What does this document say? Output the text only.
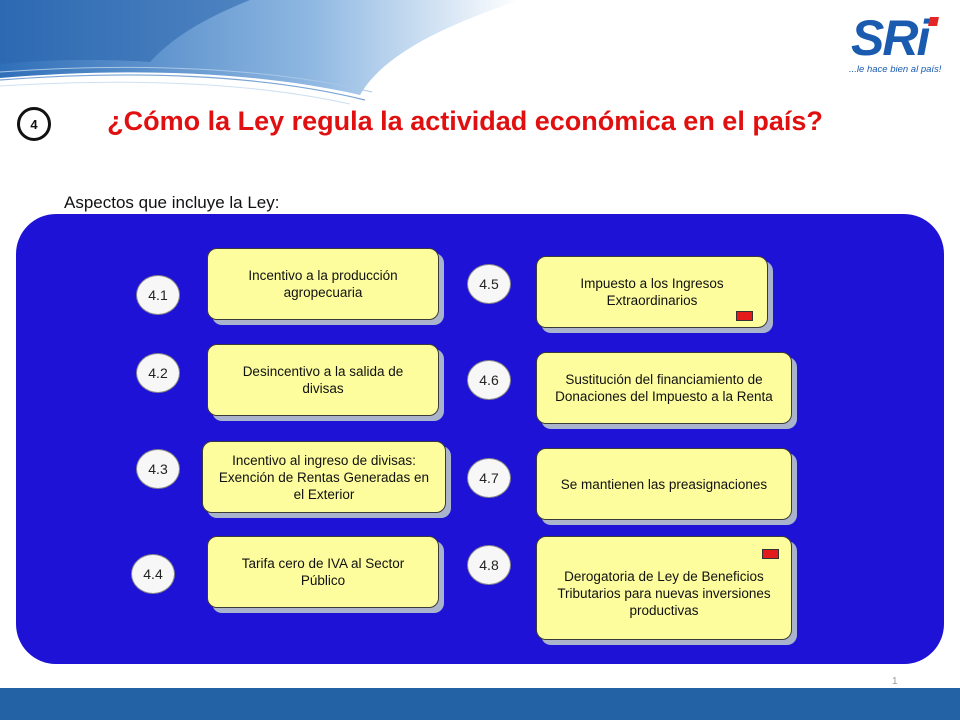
SRi
...le hace bien al país!
4	¿Cómo la Ley regula la actividad económica en el país?
Aspectos que incluye la Ley:
4.1
Incentivo a la producción agropecuaria
4.2	Desincentivo a la salida de divisas
4.3
Incentivo al ingreso de divisas: Exención de Rentas Generadas en el Exterior
4.4
Tarifa cero de IVA al Sector Público
4.5	Impuesto a los Ingresos Extraordinarios
4.6	Sustitución del financiamiento de Donaciones del Impuesto a la Renta
4.7	Se mantienen las preasignaciones
4.8
Derogatoria de Ley de Beneficios Tributarios para nuevas inversiones productivas
1
